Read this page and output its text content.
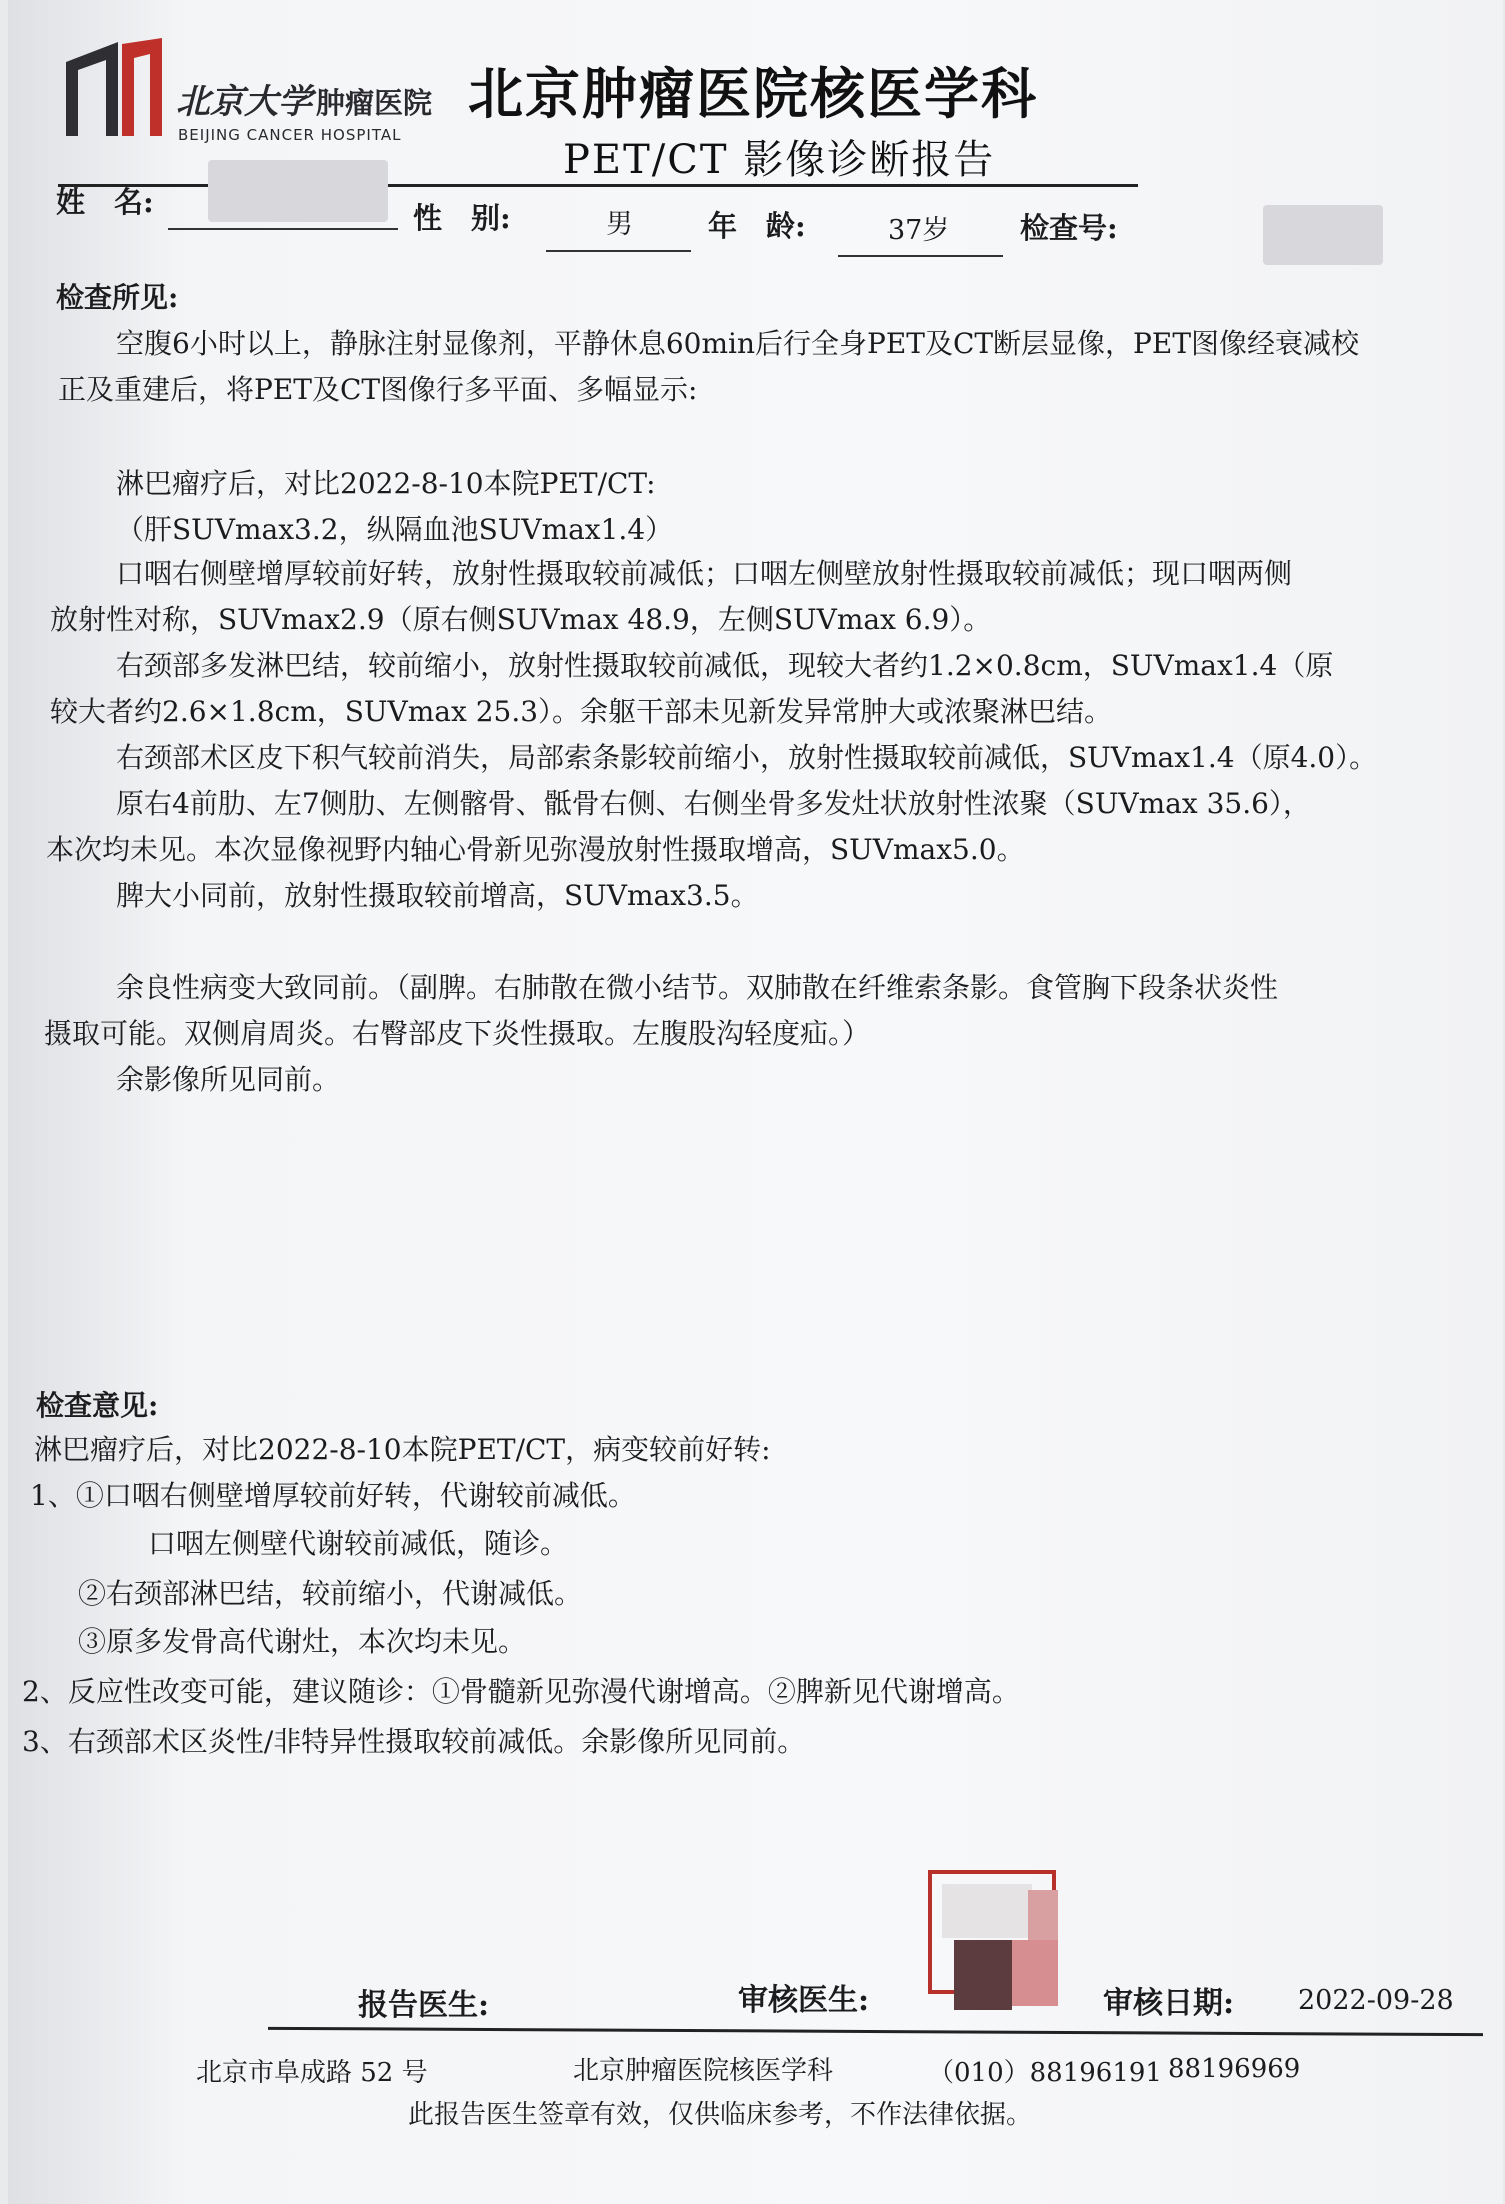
北京大学 肿瘤医院
BEIJING CANCER HOSPITAL
北京肿瘤医院核医学科
PET/CT 影像诊断报告
姓　名:	性　别:	男	年　龄:	37岁 检查号:
检查所见:
空腹6小时以上，静脉注射显像剂，平静休息60min后行全身PET及CT断层显像，PET图像经衰减校
正及重建后，将PET及CT图像行多平面、多幅显示:
淋巴瘤疗后，对比2022-8-10本院PET/CT:
（肝SUVmax3.2，纵隔血池SUVmax1.4）
口咽右侧壁增厚较前好转，放射性摄取较前减低；口咽左侧壁放射性摄取较前减低；现口咽两侧
放射性对称，SUVmax2.9（原右侧SUVmax 48.9，左侧SUVmax 6.9）。
右颈部多发淋巴结，较前缩小，放射性摄取较前减低，现较大者约1.2×0.8cm，SUVmax1.4（原
较大者约2.6×1.8cm，SUVmax 25.3）。余躯干部未见新发异常肿大或浓聚淋巴结。
右颈部术区皮下积气较前消失，局部索条影较前缩小，放射性摄取较前减低，SUVmax1.4（原4.0）。
原右4前肋、左7侧肋、左侧髂骨、骶骨右侧、右侧坐骨多发灶状放射性浓聚（SUVmax 35.6），
本次均未见。本次显像视野内轴心骨新见弥漫放射性摄取增高，SUVmax5.0。
脾大小同前，放射性摄取较前增高，SUVmax3.5。
余良性病变大致同前。（副脾。右肺散在微小结节。双肺散在纤维索条影。食管胸下段条状炎性
摄取可能。双侧肩周炎。右臀部皮下炎性摄取。左腹股沟轻度疝。）
余影像所见同前。
检查意见:
淋巴瘤疗后，对比2022-8-10本院PET/CT，病变较前好转:
1、①口咽右侧壁增厚较前好转，代谢较前减低。
口咽左侧壁代谢较前减低，随诊。
②右颈部淋巴结，较前缩小，代谢减低。
③原多发骨高代谢灶，本次均未见。
2、反应性改变可能，建议随诊：①骨髓新见弥漫代谢增高。②脾新见代谢增高。
3、右颈部术区炎性/非特异性摄取较前减低。余影像所见同前。
报告医生:	审核医生:	审核日期: 2022-09-28
北京市阜成路 52 号	北京肿瘤医院核医学科	（010）88196191 88196969
此报告医生签章有效，仅供临床参考，不作法律依据。
